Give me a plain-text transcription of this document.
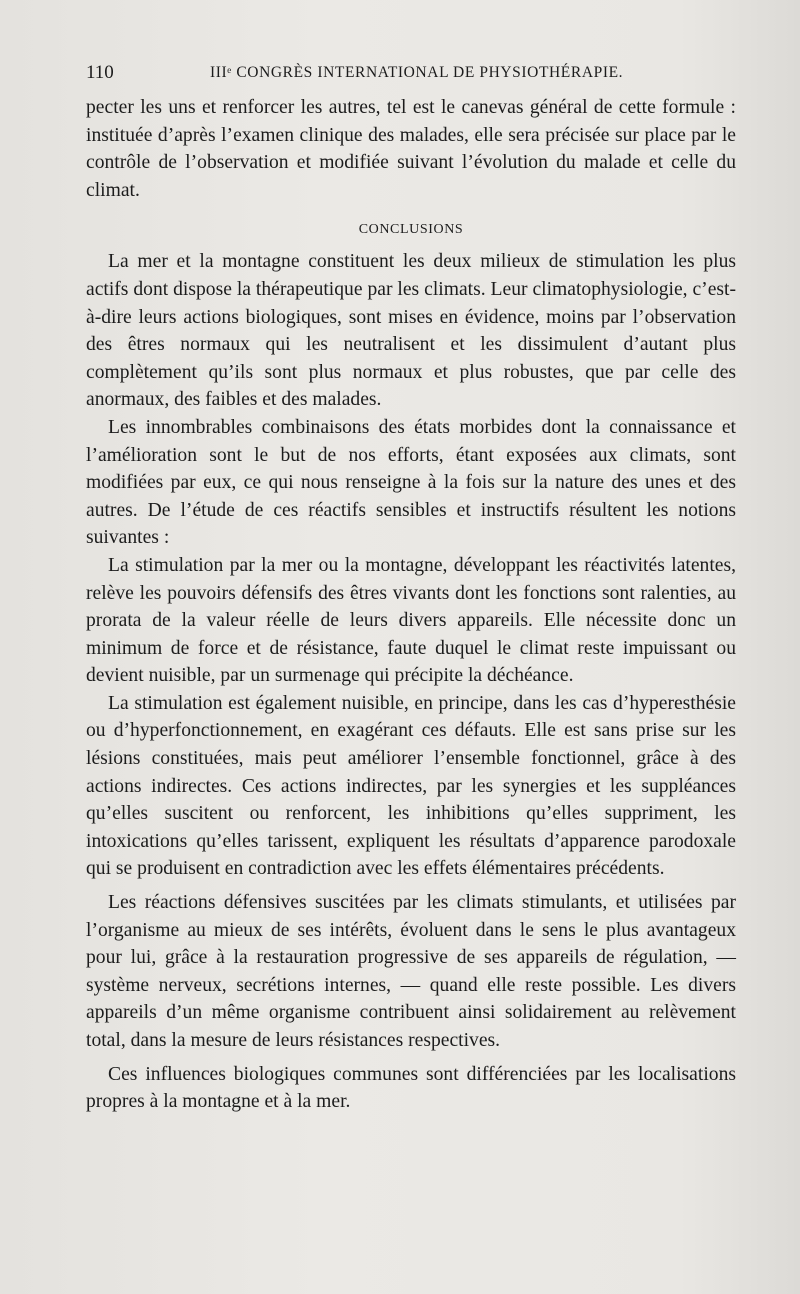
110	IIIᵉ CONGRÈS INTERNATIONAL DE PHYSIOTHÉRAPIE.

pecter les uns et renforcer les autres, tel est le canevas général de cette formule : instituée d’après l’examen clinique des malades, elle sera précisée sur place par le contrôle de l’observation et modifiée suivant l’évolution du malade et celle du climat.

CONCLUSIONS

La mer et la montagne constituent les deux milieux de stimulation les plus actifs dont dispose la thérapeutique par les climats. Leur climatophysiologie, c’est-à-dire leurs actions biologiques, sont mises en évidence, moins par l’observation des êtres normaux qui les neutralisent et les dissimulent d’autant plus complètement qu’ils sont plus normaux et plus robustes, que par celle des anormaux, des faibles et des malades.

Les innombrables combinaisons des états morbides dont la connaissance et l’amélioration sont le but de nos efforts, étant exposées aux climats, sont modifiées par eux, ce qui nous renseigne à la fois sur la nature des unes et des autres. De l’étude de ces réactifs sensibles et instructifs résultent les notions suivantes :

La stimulation par la mer ou la montagne, développant les réactivités latentes, relève les pouvoirs défensifs des êtres vivants dont les fonctions sont ralenties, au prorata de la valeur réelle de leurs divers appareils. Elle nécessite donc un minimum de force et de résistance, faute duquel le climat reste impuissant ou devient nuisible, par un surmenage qui précipite la déchéance.

La stimulation est également nuisible, en principe, dans les cas d’hyperesthésie ou d’hyperfonctionnement, en exagérant ces défauts. Elle est sans prise sur les lésions constituées, mais peut améliorer l’ensemble fonctionnel, grâce à des actions indirectes. Ces actions indirectes, par les synergies et les suppléances qu’elles suscitent ou renforcent, les inhibitions qu’elles suppriment, les intoxications qu’elles tarissent, expliquent les résultats d’apparence parodoxale qui se produisent en contradiction avec les effets élémentaires précédents.

Les réactions défensives suscitées par les climats stimulants, et utilisées par l’organisme au mieux de ses intérêts, évoluent dans le sens le plus avantageux pour lui, grâce à la restauration progressive de ses appareils de régulation, — système nerveux, secrétions internes, — quand elle reste possible. Les divers appareils d’un même organisme contribuent ainsi solidairement au relèvement total, dans la mesure de leurs résistances respectives.

Ces influences biologiques communes sont différenciées par les localisations propres à la montagne et à la mer.
